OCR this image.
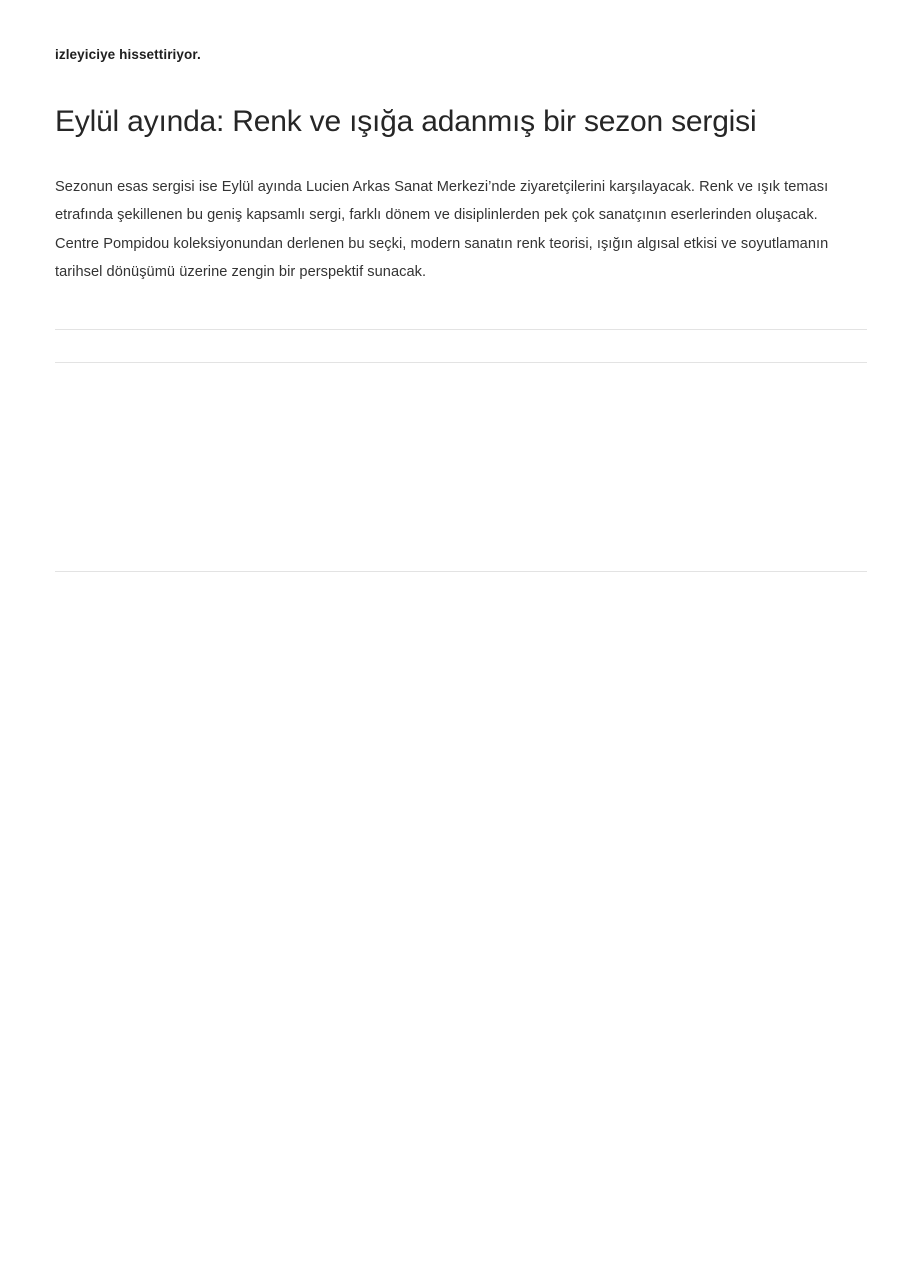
izleyiciye hissettiriyor.

Eylül ayında: Renk ve ışığa adanmış bir sezon sergisi

Sezonun esas sergisi ise Eylül ayında Lucien Arkas Sanat Merkezi’nde ziyaretçilerini karşılayacak. Renk ve ışık teması etrafında şekillenen bu geniş kapsamlı sergi, farklı dönem ve disiplinlerden pek çok sanatçının eserlerinden oluşacak. Centre Pompidou koleksiyonundan derlenen bu seçki, modern sanatın renk teorisi, ışığın algısal etkisi ve soyutlamanın tarihsel dönüşümü üzerine zengin bir perspektif sunacak.
